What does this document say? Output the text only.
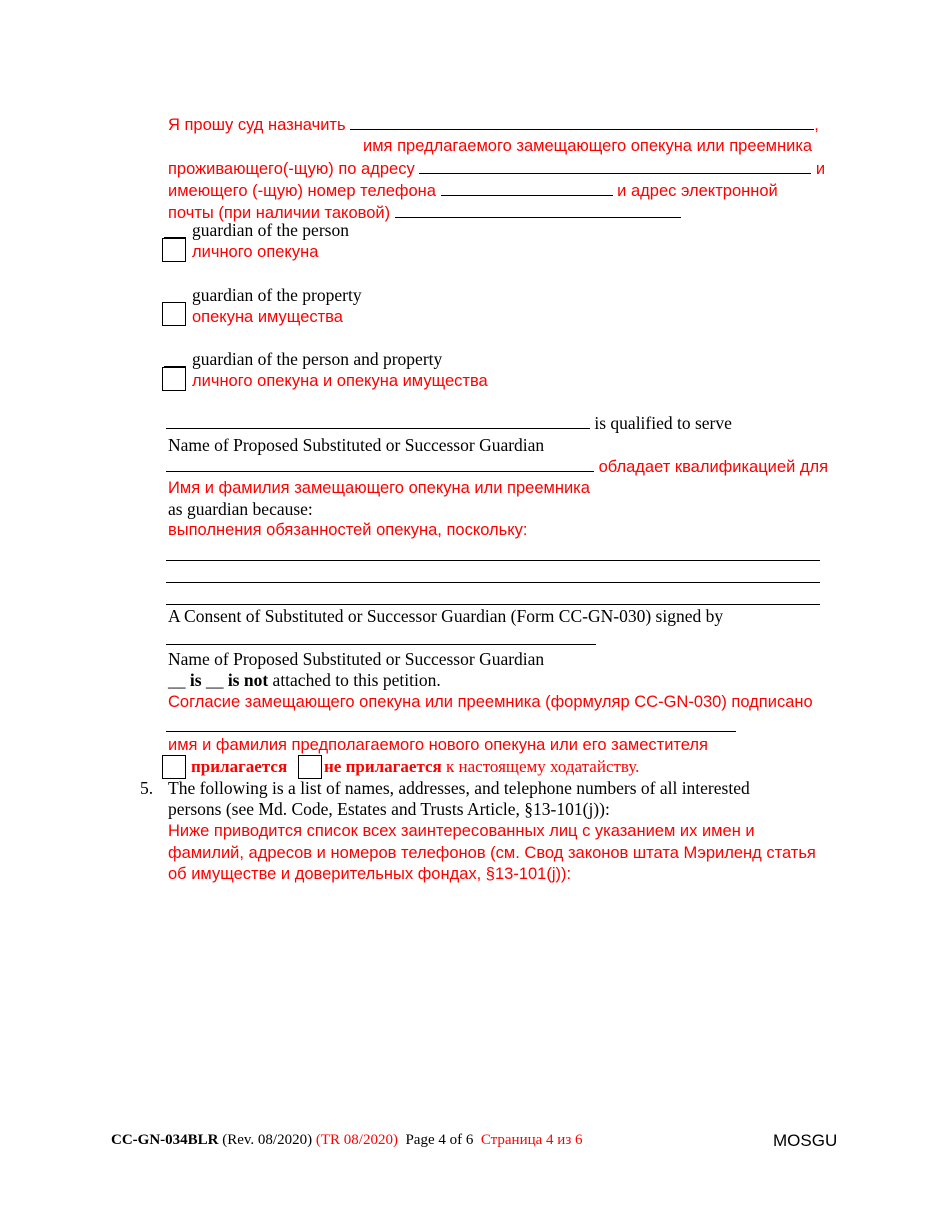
Я прошу суд назначить	,
имя предлагаемого замещающего опекуна или преемника
проживающего(-щую) по адресу	и
имеющего (-щую) номер телефона	и адрес электронной
почты (при наличии таковой)
guardian of the person
личного опекуна
guardian of the property
опекуна имущества
guardian of the person and property
личного опекуна и опекуна имущества
is qualified to serve
Name of Proposed Substituted or Successor Guardian
обладает квалификацией для
Имя и фамилия замещающего опекуна или преемника
as guardian because:
выполнения обязанностей опекуна, поскольку:
A Consent of Substituted or Successor Guardian (Form CC-GN-030) signed by
Name of Proposed Substituted or Successor Guardian
__ is __ is not attached to this petition.
Согласие замещающего опекуна или преемника (формуляр CC-GN-030) подписано
имя и фамилия предполагаемого нового опекуна или его заместителя
прилагается не прилагается к настоящему ходатайству.
5. The following is a list of names, addresses, and telephone numbers of all interested
persons (see Md. Code, Estates and Trusts Article, §13-101(j)):
Ниже приводится список всех заинтересованных лиц с указанием их имен и
фамилий, адресов и номеров телефонов (см. Свод законов штата Мэриленд статья
об имуществе и доверительных фондах, §13-101(j)):
CC-GN-034BLR (Rev. 08/2020) (TR 08/2020) Page 4 of 6 Страница 4 из 6	MOSGU
